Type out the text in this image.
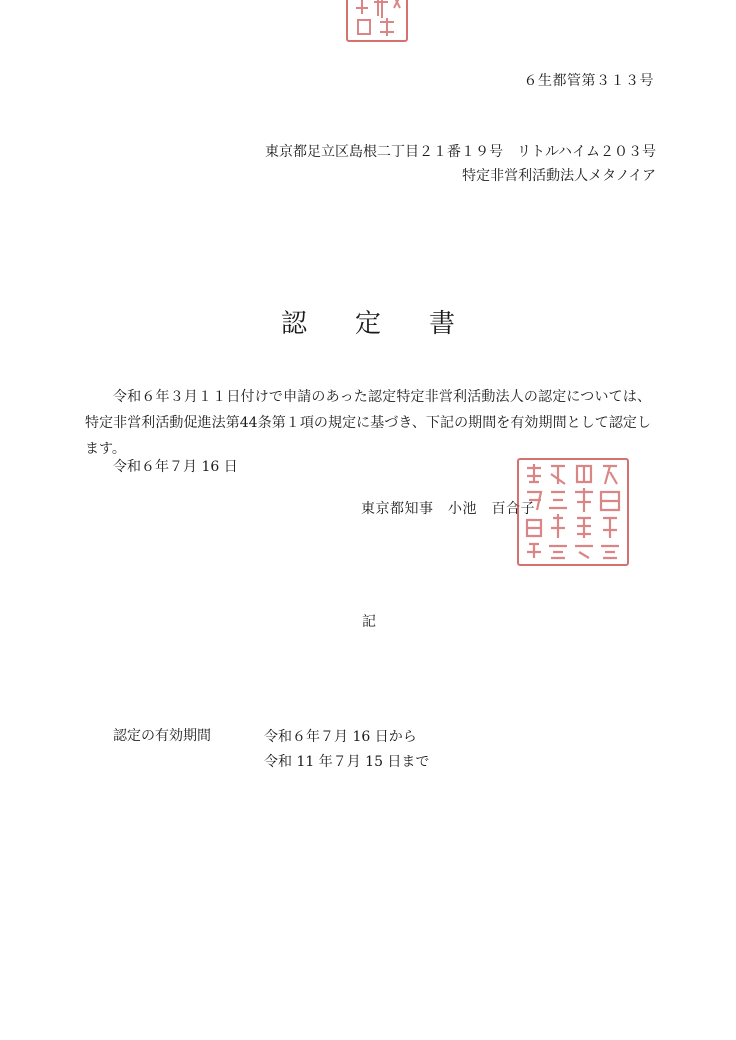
６生都管第３１３号
東京都足立区島根二丁目２１番１９号　リトルハイム２０３号
特定非営利活動法人メタノイア
認定書
令和６年３月１１日付けで申請のあった認定特定非営利活動法人の認定については、特定非営利活動促進法第44条第１項の規定に基づき、下記の期間を有効期間として認定します。
令和６年７月 16 日
東京都知事　小池　百合子
記
認定の有効期間	令和６年７月 16 日から
令和 11 年７月 15 日まで
